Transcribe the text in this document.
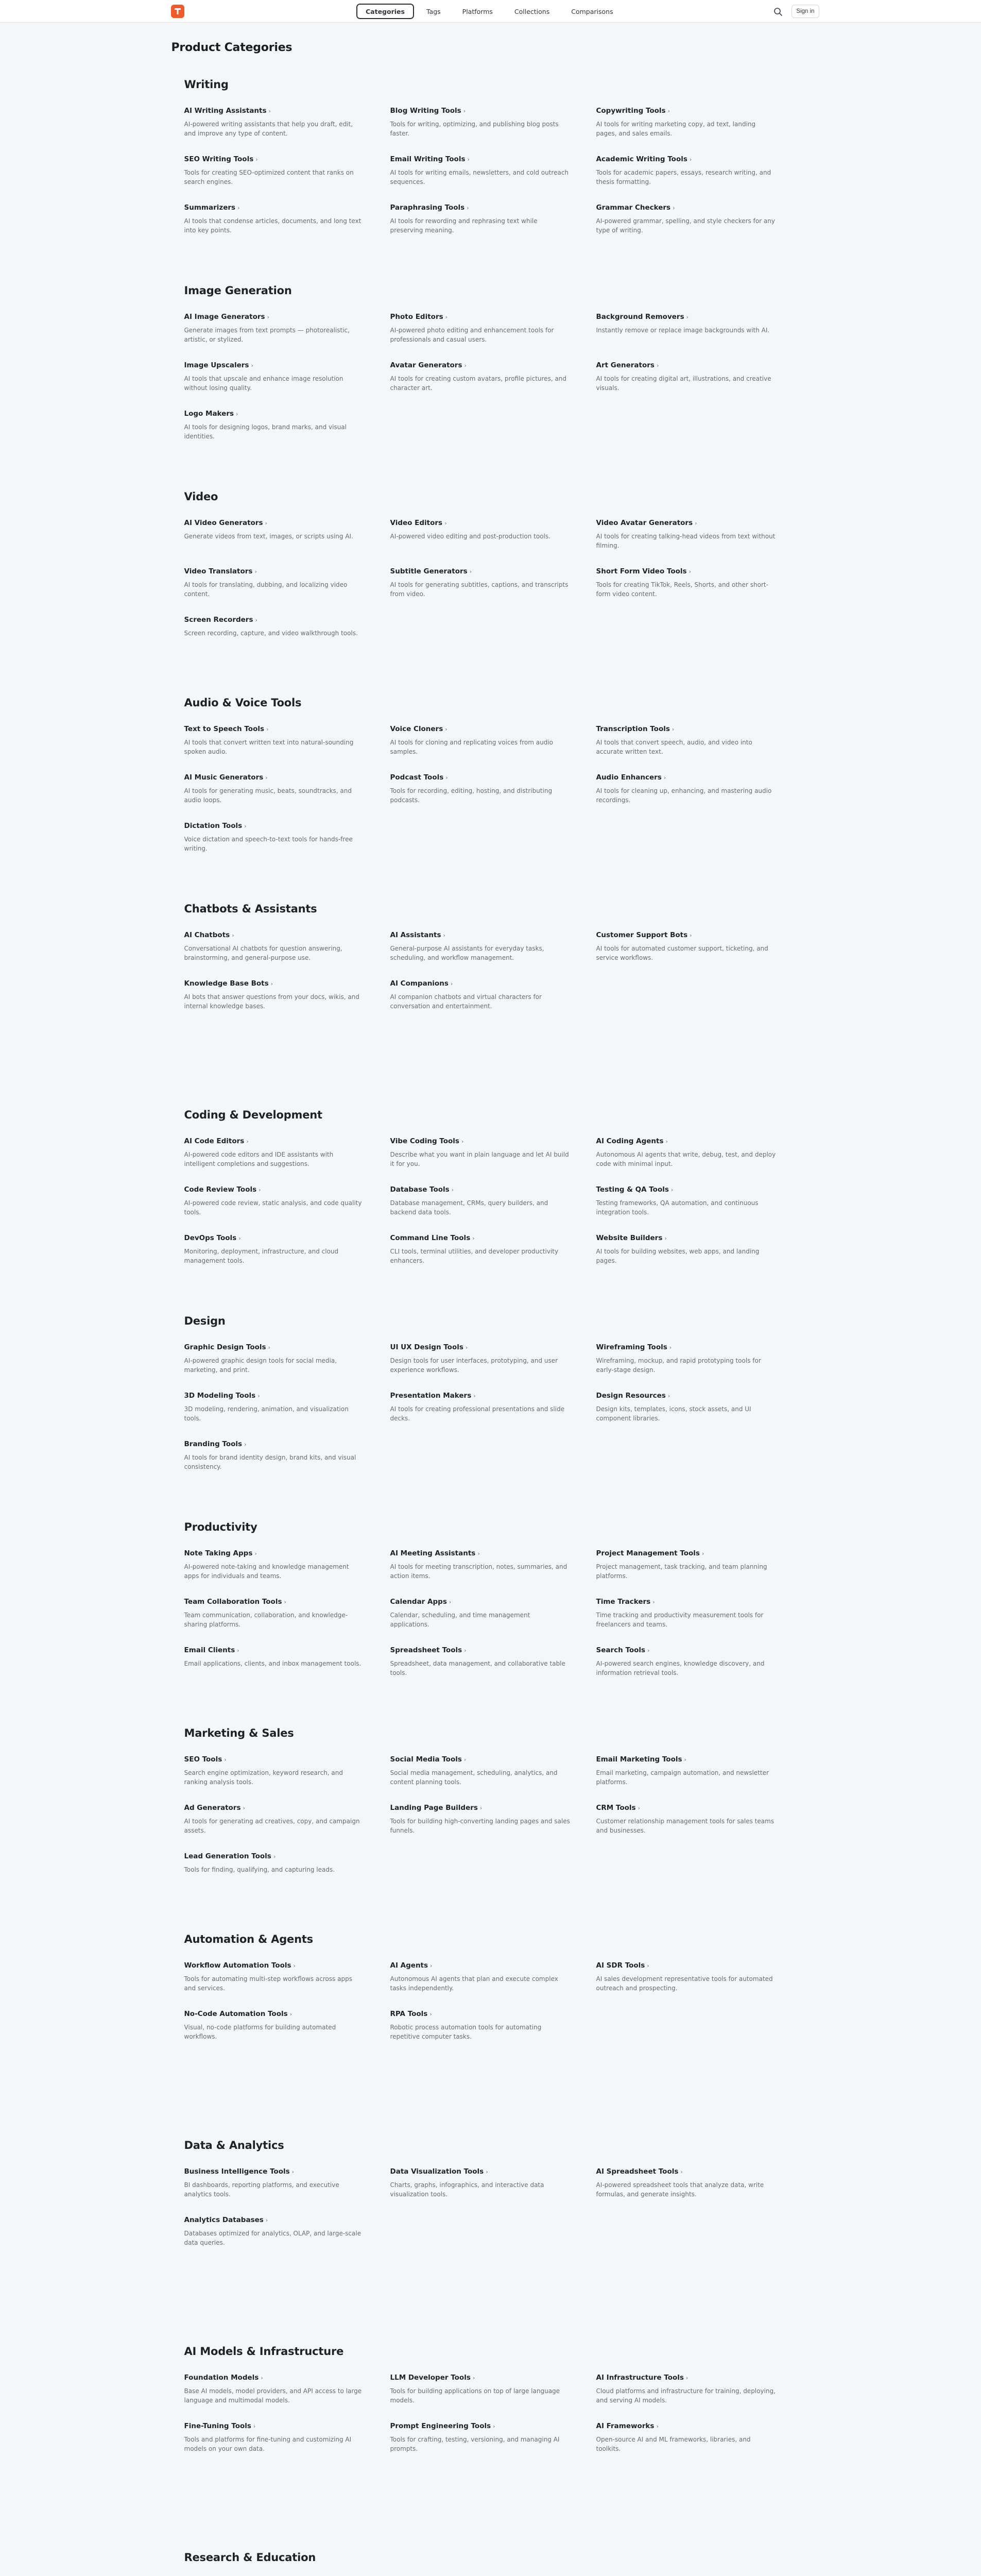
Categories	Tags	Platforms	Collections	Comparisons	Sign in
Product Categories
Writing
AI Writing Assistants ›
AI-powered writing assistants that help you draft, edit, and improve any type of content.
Blog Writing Tools ›
Tools for writing, optimizing, and publishing blog posts faster.
Copywriting Tools ›
AI tools for writing marketing copy, ad text, landing pages, and sales emails.
SEO Writing Tools ›
Tools for creating SEO-optimized content that ranks on search engines.
Email Writing Tools ›
AI tools for writing emails, newsletters, and cold outreach sequences.
Academic Writing Tools ›
Tools for academic papers, essays, research writing, and thesis formatting.
Summarizers ›
AI tools that condense articles, documents, and long text into key points.
Paraphrasing Tools ›
AI tools for rewording and rephrasing text while preserving meaning.
Grammar Checkers ›
AI-powered grammar, spelling, and style checkers for any type of writing.
Image Generation
AI Image Generators ›
Generate images from text prompts — photorealistic, artistic, or stylized.
Photo Editors ›
AI-powered photo editing and enhancement tools for professionals and casual users.
Background Removers ›
Instantly remove or replace image backgrounds with AI.
Image Upscalers ›
AI tools that upscale and enhance image resolution without losing quality.
Avatar Generators ›
AI tools for creating custom avatars, profile pictures, and character art.
Art Generators ›
AI tools for creating digital art, illustrations, and creative visuals.
Logo Makers ›
AI tools for designing logos, brand marks, and visual identities.
Video
AI Video Generators ›
Generate videos from text, images, or scripts using AI.
Video Editors ›
AI-powered video editing and post-production tools.
Video Avatar Generators ›
AI tools for creating talking-head videos from text without filming.
Video Translators ›
AI tools for translating, dubbing, and localizing video content.
Subtitle Generators ›
AI tools for generating subtitles, captions, and transcripts from video.
Short Form Video Tools ›
Tools for creating TikTok, Reels, Shorts, and other short-form video content.
Screen Recorders ›
Screen recording, capture, and video walkthrough tools.
Audio & Voice Tools
Text to Speech Tools ›
AI tools that convert written text into natural-sounding spoken audio.
Voice Cloners ›
AI tools for cloning and replicating voices from audio samples.
Transcription Tools ›
AI tools that convert speech, audio, and video into accurate written text.
AI Music Generators ›
AI tools for generating music, beats, soundtracks, and audio loops.
Podcast Tools ›
Tools for recording, editing, hosting, and distributing podcasts.
Audio Enhancers ›
AI tools for cleaning up, enhancing, and mastering audio recordings.
Dictation Tools ›
Voice dictation and speech-to-text tools for hands-free writing.
Chatbots & Assistants
AI Chatbots ›
Conversational AI chatbots for question answering, brainstorming, and general-purpose use.
AI Assistants ›
General-purpose AI assistants for everyday tasks, scheduling, and workflow management.
Customer Support Bots ›
AI tools for automated customer support, ticketing, and service workflows.
Knowledge Base Bots ›
AI bots that answer questions from your docs, wikis, and internal knowledge bases.
AI Companions ›
AI companion chatbots and virtual characters for conversation and entertainment.
Coding & Development
AI Code Editors ›
AI-powered code editors and IDE assistants with intelligent completions and suggestions.
Vibe Coding Tools ›
Describe what you want in plain language and let AI build it for you.
AI Coding Agents ›
Autonomous AI agents that write, debug, test, and deploy code with minimal input.
Code Review Tools ›
AI-powered code review, static analysis, and code quality tools.
Database Tools ›
Database management, CRMs, query builders, and backend data tools.
Testing & QA Tools ›
Testing frameworks, QA automation, and continuous integration tools.
DevOps Tools ›
Monitoring, deployment, infrastructure, and cloud management tools.
Command Line Tools ›
CLI tools, terminal utilities, and developer productivity enhancers.
Website Builders ›
AI tools for building websites, web apps, and landing pages.
Design
Graphic Design Tools ›
AI-powered graphic design tools for social media, marketing, and print.
UI UX Design Tools ›
Design tools for user interfaces, prototyping, and user experience workflows.
Wireframing Tools ›
Wireframing, mockup, and rapid prototyping tools for early-stage design.
3D Modeling Tools ›
3D modeling, rendering, animation, and visualization tools.
Presentation Makers ›
AI tools for creating professional presentations and slide decks.
Design Resources ›
Design kits, templates, icons, stock assets, and UI component libraries.
Branding Tools ›
AI tools for brand identity design, brand kits, and visual consistency.
Productivity
Note Taking Apps ›
AI-powered note-taking and knowledge management apps for individuals and teams.
AI Meeting Assistants ›
AI tools for meeting transcription, notes, summaries, and action items.
Project Management Tools ›
Project management, task tracking, and team planning platforms.
Team Collaboration Tools ›
Team communication, collaboration, and knowledge-sharing platforms.
Calendar Apps ›
Calendar, scheduling, and time management applications.
Time Trackers ›
Time tracking and productivity measurement tools for freelancers and teams.
Email Clients ›
Email applications, clients, and inbox management tools.
Spreadsheet Tools ›
Spreadsheet, data management, and collaborative table tools.
Search Tools ›
AI-powered search engines, knowledge discovery, and information retrieval tools.
Marketing & Sales
SEO Tools ›
Search engine optimization, keyword research, and ranking analysis tools.
Social Media Tools ›
Social media management, scheduling, analytics, and content planning tools.
Email Marketing Tools ›
Email marketing, campaign automation, and newsletter platforms.
Ad Generators ›
AI tools for generating ad creatives, copy, and campaign assets.
Landing Page Builders ›
Tools for building high-converting landing pages and sales funnels.
CRM Tools ›
Customer relationship management tools for sales teams and businesses.
Lead Generation Tools ›
Tools for finding, qualifying, and capturing leads.
Automation & Agents
Workflow Automation Tools ›
Tools for automating multi-step workflows across apps and services.
AI Agents ›
Autonomous AI agents that plan and execute complex tasks independently.
AI SDR Tools ›
AI sales development representative tools for automated outreach and prospecting.
No-Code Automation Tools ›
Visual, no-code platforms for building automated workflows.
RPA Tools ›
Robotic process automation tools for automating repetitive computer tasks.
Data & Analytics
Business Intelligence Tools ›
BI dashboards, reporting platforms, and executive analytics tools.
Data Visualization Tools ›
Charts, graphs, infographics, and interactive data visualization tools.
AI Spreadsheet Tools ›
AI-powered spreadsheet tools that analyze data, write formulas, and generate insights.
Analytics Databases ›
Databases optimized for analytics, OLAP, and large-scale data queries.
AI Models & Infrastructure
Foundation Models ›
Base AI models, model providers, and API access to large language and multimodal models.
LLM Developer Tools ›
Tools for building applications on top of large language models.
AI Infrastructure Tools ›
Cloud platforms and infrastructure for training, deploying, and serving AI models.
Fine-Tuning Tools ›
Tools and platforms for fine-tuning and customizing AI models on your own data.
Prompt Engineering Tools ›
Tools for crafting, testing, versioning, and managing AI prompts.
AI Frameworks ›
Open-source AI and ML frameworks, libraries, and toolkits.
Research & Education
